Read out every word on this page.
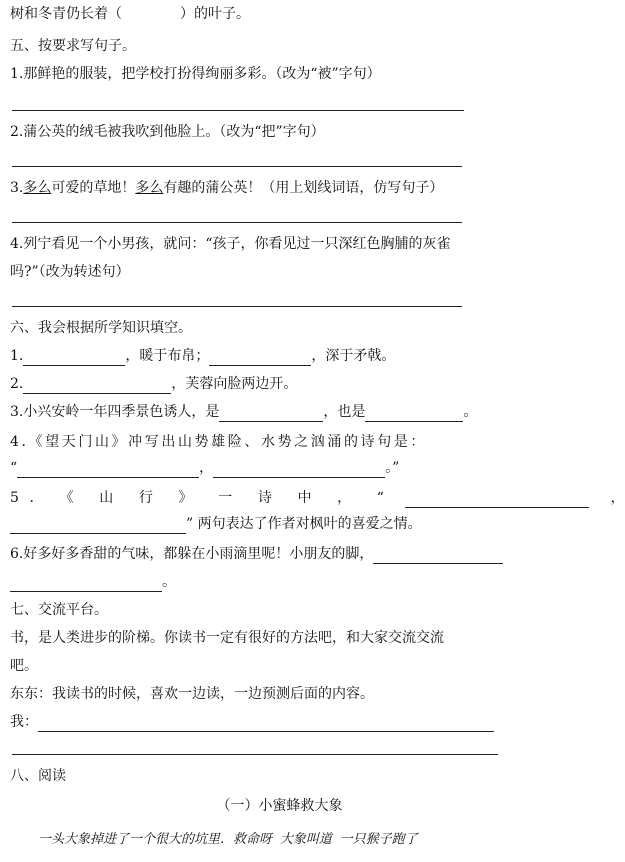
树和冬青仍长着（	）的叶子。
五、按要求写句子。
1.那鲜艳的服装，把学校打扮得绚丽多彩。（改为“被”字句）
2.蒲公英的绒毛被我吹到他脸上。（改为“把”字句）
3.多么可爱的草地！多么有趣的蒲公英！（用上划线词语，仿写句子）
4.列宁看见一个小男孩，就问：“孩子，你看见过一只深红色胸脯的灰雀
吗?”（改为转述句）
六、我会根据所学知识填空。
1.	，暖于布帛；	，深于矛戟。
2.	，芙蓉向脸两边开。
3.小兴安岭一年四季景色诱人，是	，也是	。
4.《望天门山》冲写出山势雄险、水势之汹涌的诗句是：
“	，	。”
5. 《 山 行 》 一 诗 中 ， “	，
” 两句表达了作者对枫叶的喜爱之情。
6.好多好多香甜的气味，都躲在小雨滴里呢！小朋友的脚，
。
七、交流平台。
书，是人类进步的阶梯。你读书一定有很好的方法吧，和大家交流交流
吧。
东东：我读书的时候，喜欢一边读，一边预测后面的内容。
我：
八、阅读
（一）小蜜蜂救大象
一头大象掉进了一个很大的坑里．救命呀 大象叫道 一只猴子跑了
